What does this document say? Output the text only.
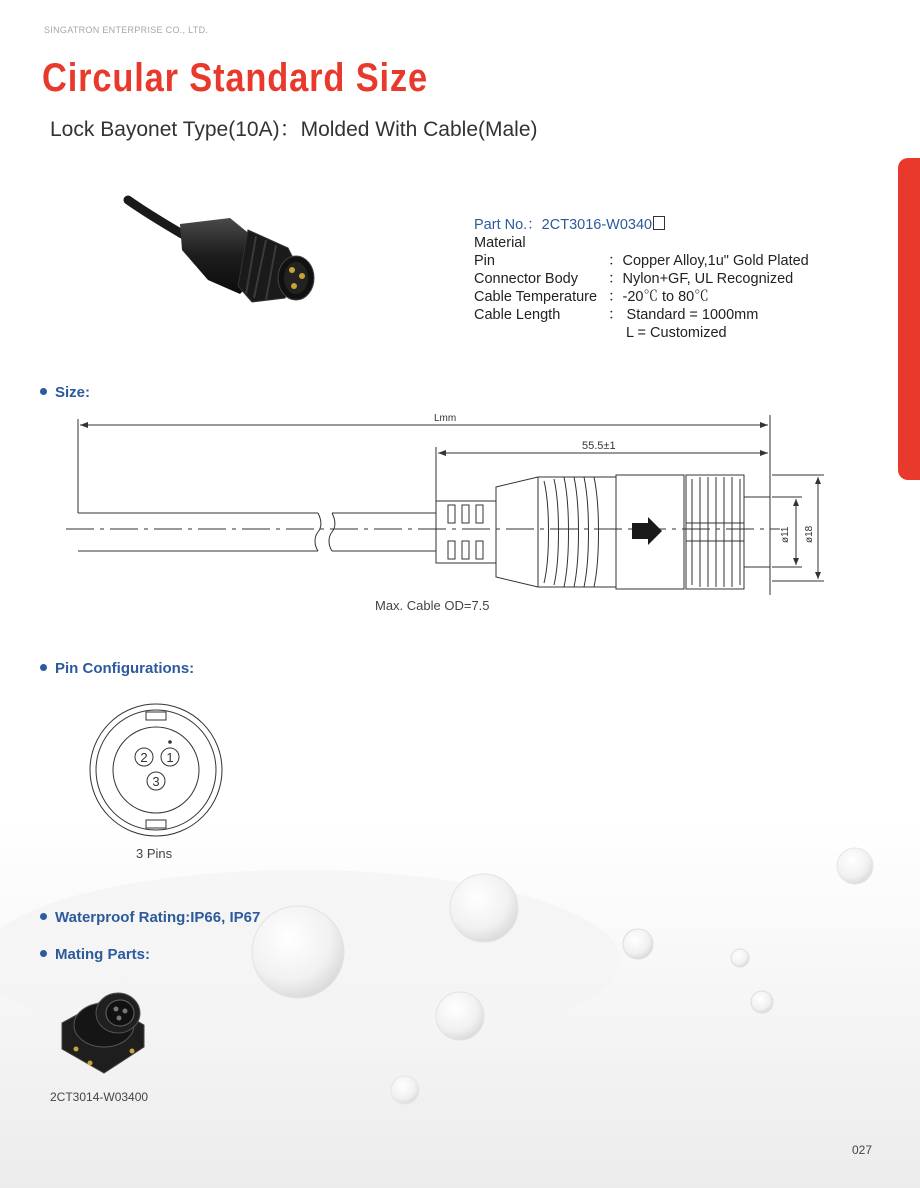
SINGATRON ENTERPRISE CO., LTD.
Circular Standard Size
Lock Bayonet Type(10A)：Molded With Cable(Male)
Part No.：2CT3016-W0340
Material
Pin	：Copper Alloy,1u" Gold Plated
Connector Body	：Nylon+GF, UL Recognized
Cable Temperature ：-20℃ to 80℃
Cable Length	： Standard = 1000mm
L = Customized
Size:
Lmm
55.5±1
ø11 ø18
Max. Cable OD=7.5
Pin Configurations:
2 1
3
3 Pins
Waterproof Rating:IP66, IP67
Mating Parts:
2CT3014-W03400
027
